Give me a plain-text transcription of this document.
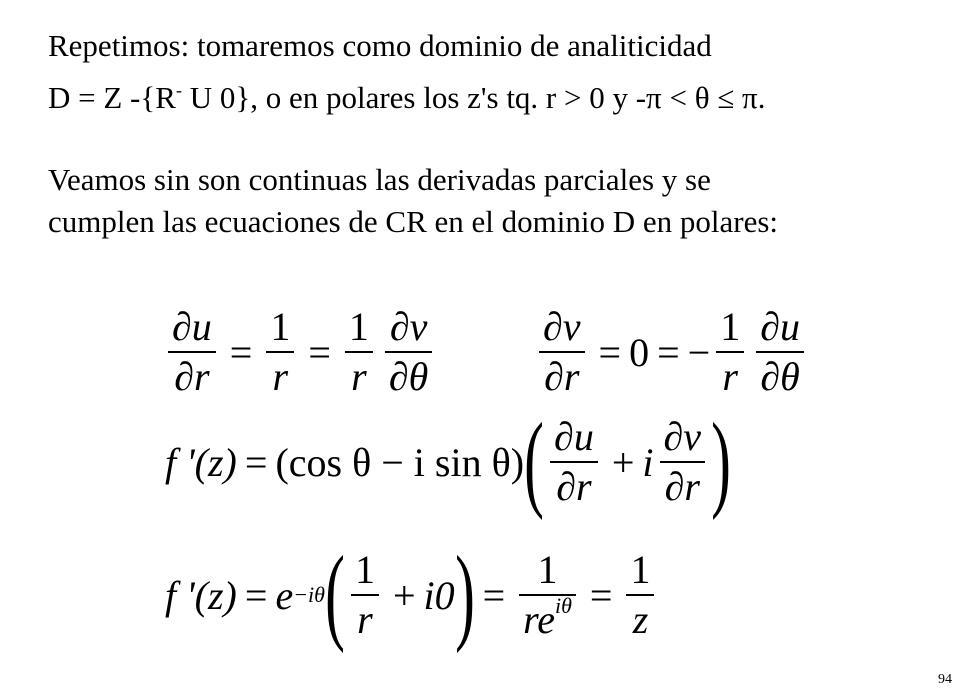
Repetimos: tomaremos como dominio de analiticidad
D = Z -{R- U 0}, o en polares los z's tq. r > 0 y -π < θ ≤ π.
Veamos sin son continuas las derivadas parciales y se
cumplen las ecuaciones de CR en el dominio D en polares:
$\frac{\partial u}{\partial r} = \frac{1}{r} = \frac{1}{r} \frac{\partial v}{\partial\theta}$	$\frac{\partial v}{\partial r} = 0$ = − $\frac{1}{r} \frac{\partial u}{\partial\theta}$
f '(z) = (cos θ − i sin θ) ( $\frac{\partial u}{\partial r} + i \frac{\partial v}{\partial r}$ )
f '(z) = e −iθ ( $\frac{1}{r} + i0$ ) = $\frac{1}{re^{i\theta}} = \frac{1}{z}$
94
